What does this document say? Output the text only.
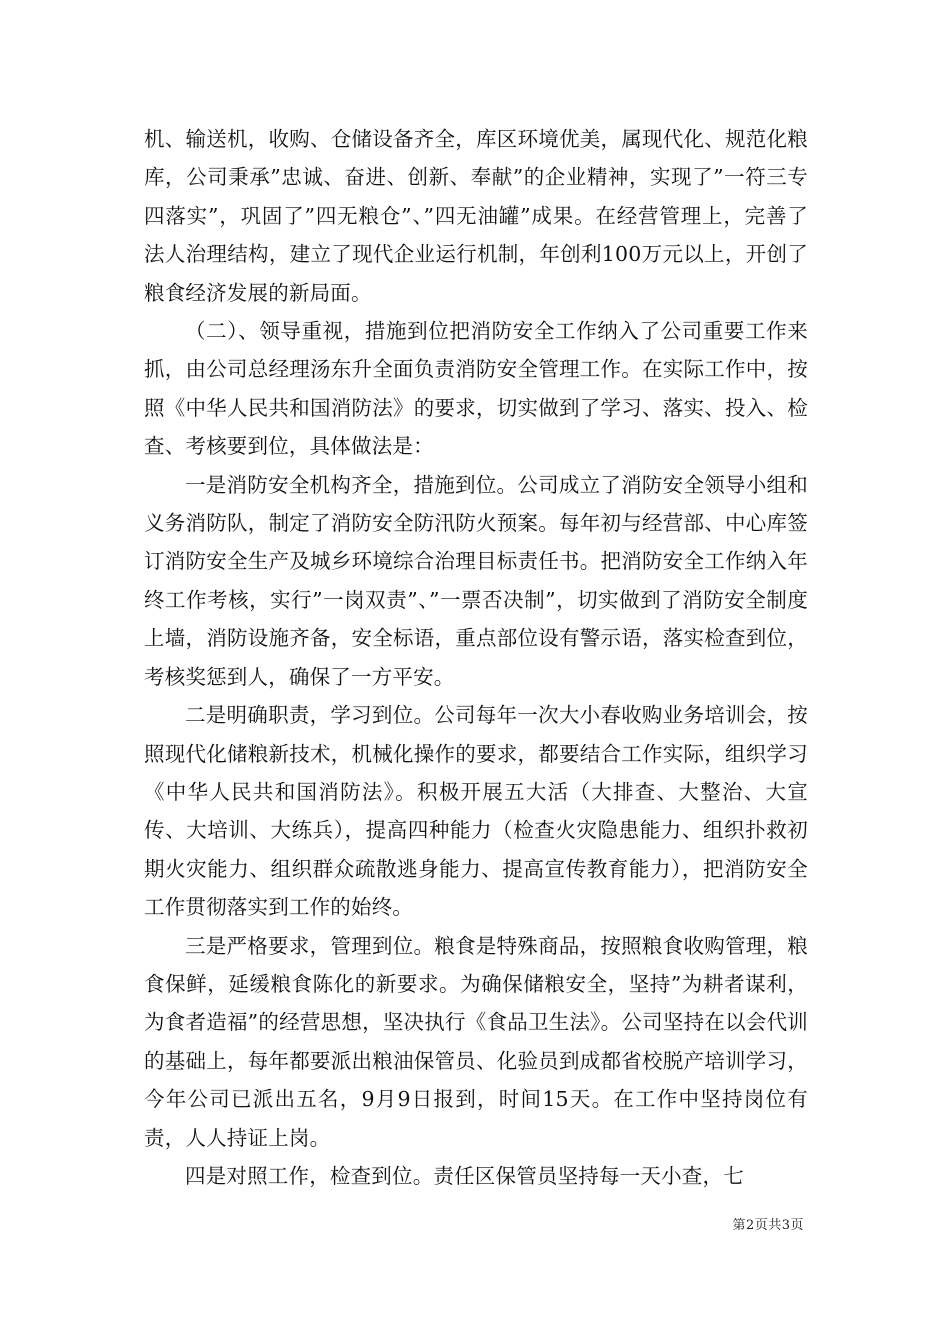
机、输送机，收购、仓储设备齐全，库区环境优美，属现代化、规范化粮库，公司秉承”忠诚、奋进、创新、奉献”的企业精神，实现了”一符三专四落实”，巩固了”四无粮仓”、”四无油罐”成果。在经营管理上，完善了法人治理结构，建立了现代企业运行机制，年创利100万元以上，开创了粮食经济发展的新局面。

（二）、领导重视，措施到位把消防安全工作纳入了公司重要工作来抓，由公司总经理汤东升全面负责消防安全管理工作。在实际工作中，按照《中华人民共和国消防法》的要求，切实做到了学习、落实、投入、检查、考核要到位，具体做法是：

一是消防安全机构齐全，措施到位。公司成立了消防安全领导小组和义务消防队，制定了消防安全防汛防火预案。每年初与经营部、中心库签订消防安全生产及城乡环境综合治理目标责任书。把消防安全工作纳入年终工作考核，实行”一岗双责”、”一票否决制”，切实做到了消防安全制度上墙，消防设施齐备，安全标语，重点部位设有警示语，落实检查到位，考核奖惩到人，确保了一方平安。

二是明确职责，学习到位。公司每年一次大小春收购业务培训会，按照现代化储粮新技术，机械化操作的要求，都要结合工作实际，组织学习《中华人民共和国消防法》。积极开展五大活（大排查、大整治、大宣传、大培训、大练兵），提高四种能力（检查火灾隐患能力、组织扑救初期火灾能力、组织群众疏散逃身能力、提高宣传教育能力），把消防安全工作贯彻落实到工作的始终。

三是严格要求，管理到位。粮食是特殊商品，按照粮食收购管理，粮食保鲜，延缓粮食陈化的新要求。为确保储粮安全，坚持”为耕者谋利，为食者造福”的经营思想，坚决执行《食品卫生法》。公司坚持在以会代训的基础上，每年都要派出粮油保管员、化验员到成都省校脱产培训学习，今年公司已派出五名，9月9日报到，时间15天。在工作中坚持岗位有责，人人持证上岗。

四是对照工作，检查到位。责任区保管员坚持每一天小查，七

第2页共3页
